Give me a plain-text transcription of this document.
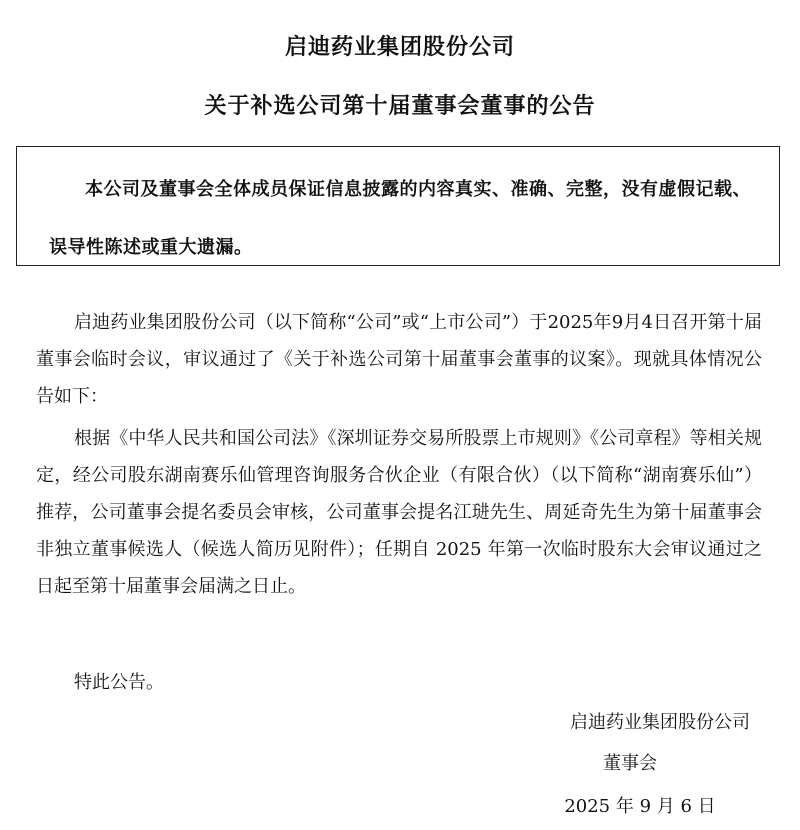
启迪药业集团股份公司
关于补选公司第十届董事会董事的公告

本公司及董事会全体成员保证信息披露的内容真实、准确、完整，没有虚假记载、误导性陈述或重大遗漏。

启迪药业集团股份公司（以下简称“公司”或“上市公司”）于2025年9月4日召开第十届董事会临时会议，审议通过了《关于补选公司第十届董事会董事的议案》。现就具体情况公告如下：

根据《中华人民共和国公司法》《深圳证券交易所股票上市规则》《公司章程》等相关规定，经公司股东湖南赛乐仙管理咨询服务合伙企业（有限合伙）（以下简称“湖南赛乐仙”）推荐，公司董事会提名委员会审核，公司董事会提名江琎先生、周延奇先生为第十届董事会非独立董事候选人（候选人简历见附件）；任期自 2025 年第一次临时股东大会审议通过之日起至第十届董事会届满之日止。

特此公告。

启迪药业集团股份公司

董事会

2025 年 9 月 6 日
